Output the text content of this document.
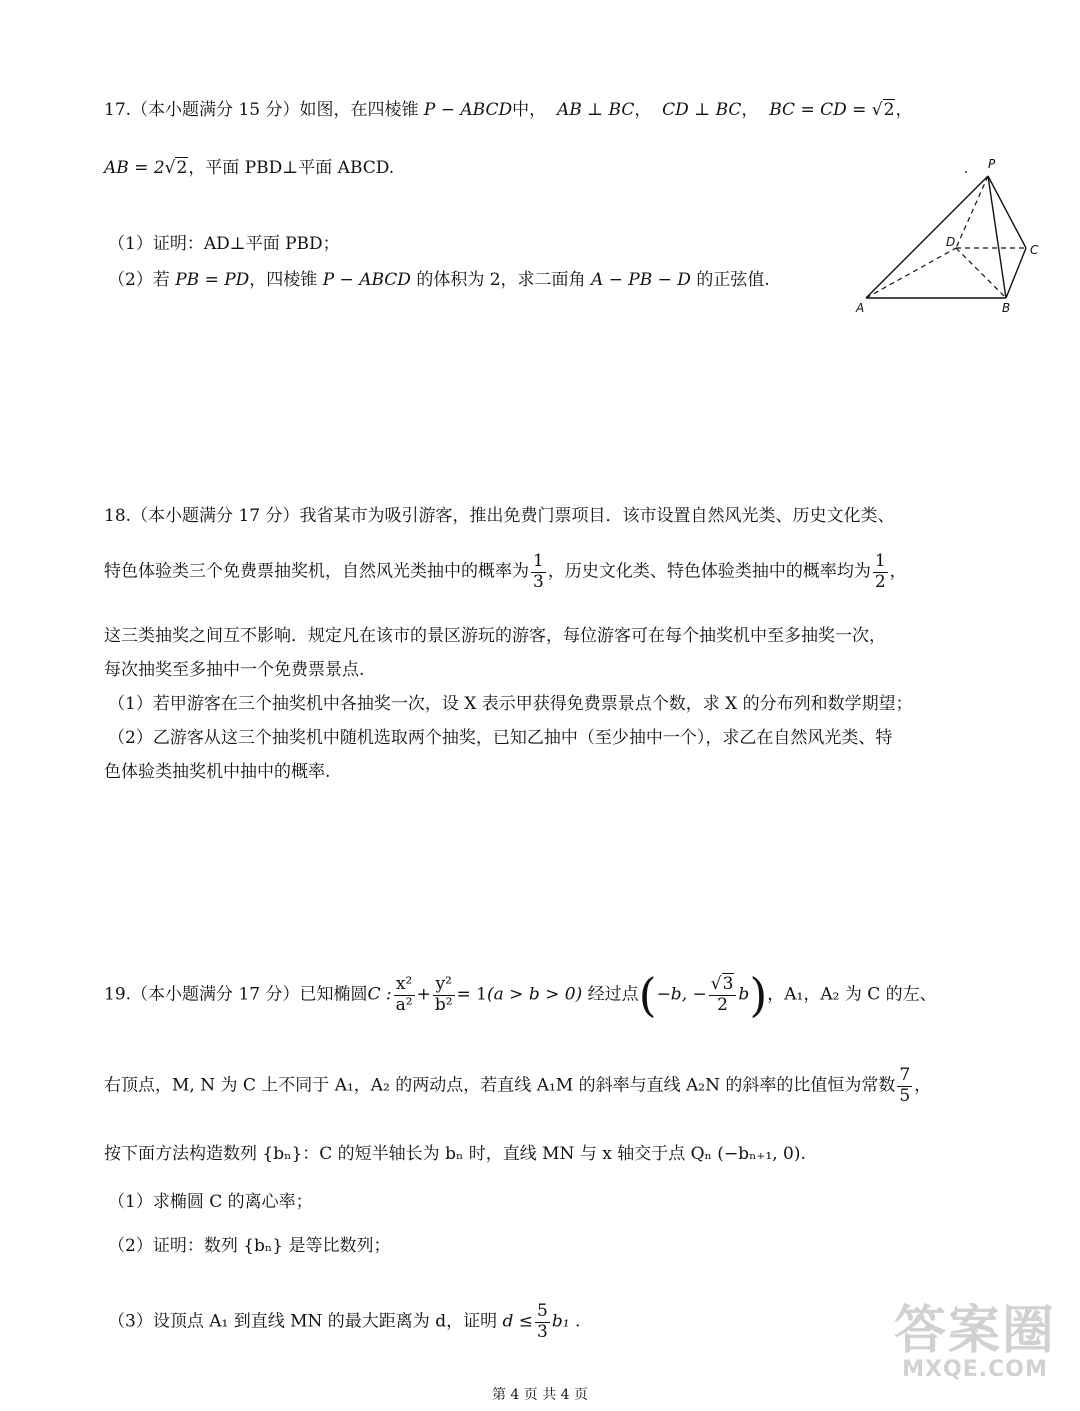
17.（本小题满分 15 分）如图，在四棱锥 P − ABCD中， AB ⊥ BC， CD ⊥ BC， BC = CD = √2，
AB = 2√2，平面 PBD⊥平面 ABCD.
（1）证明：AD⊥平面 PBD；
（2）若 PB = PD，四棱锥 P − ABCD 的体积为 2，求二面角 A − PB − D 的正弦值.
P
D
C
A	B
18.（本小题满分 17 分）我省某市为吸引游客，推出免费门票项目．该市设置自然风光类、历史文化类、
特色体验类三个免费票抽奖机，自然风光类抽中的概率为 $\frac{1}{3}$ ，历史文化类、特色体验类抽中的概率均为 $\frac{1}{2}$ ，
这三类抽奖之间互不影响．规定凡在该市的景区游玩的游客，每位游客可在每个抽奖机中至多抽奖一次，
每次抽奖至多抽中一个免费票景点.
（1）若甲游客在三个抽奖机中各抽奖一次，设 X 表示甲获得免费票景点个数，求 X 的分布列和数学期望；
（2）乙游客从这三个抽奖机中随机选取两个抽奖，已知乙抽中（至少抽中一个），求乙在自然风光类、特
色体验类抽奖机中抽中的概率.
19.（本小题满分 17 分）已知椭圆C : $\frac{\text{x²}}{\text{a²}} + \frac{\text{y²}}{\text{b²}} = 1(a > b > 0)$ 经过点(−b, − $\frac{√3}{2} b$)，A₁，A₂ 为 C 的左、
右顶点，M, N 为 C 上不同于 A₁，A₂ 的两动点，若直线 A₁M 的斜率与直线 A₂N 的斜率的比值恒为常数 $\frac{7}{5}$ ，
按下面方法构造数列 {bₙ}：C 的短半轴长为 bₙ 时，直线 MN 与 x 轴交于点 Qₙ (−bₙ₊₁, 0).
（1）求椭圆 C 的离心率；
（2）证明：数列 {bₙ} 是等比数列；
（3）设顶点 A₁ 到直线 MN 的最大距离为 d，证明 $d \le \frac{5}{3} b_1$ .
第 4 页 共 4 页
答案圈
MXQE.COM
